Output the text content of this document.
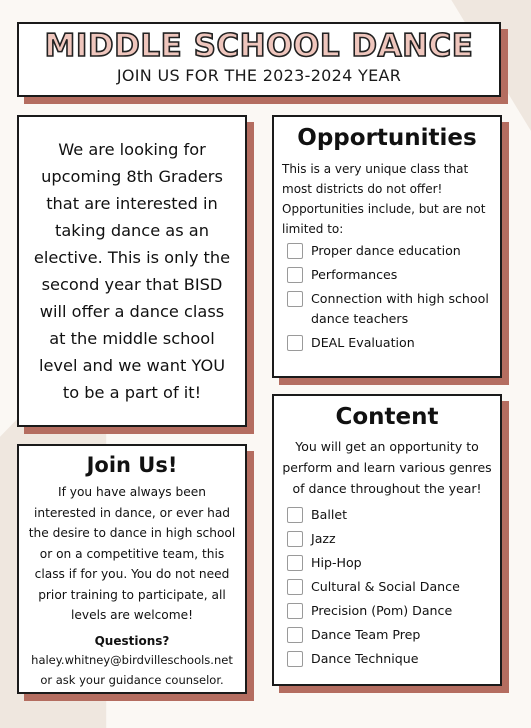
MIDDLE SCHOOL DANCE
JOIN US FOR THE 2023-2024 YEAR

We are looking for upcoming 8th Graders that are interested in taking dance as an elective. This is only the second year that BISD will offer a dance class at the middle school level and we want YOU to be a part of it!

Opportunities
This is a very unique class that most districts do not offer! Opportunities include, but are not limited to:
Proper dance education
Performances
Connection with high school dance teachers
DEAL Evaluation
Content
You will get an opportunity to perform and learn various genres of dance throughout the year!
Ballet
Jazz
Hip-Hop
Cultural & Social Dance
Precision (Pom) Dance
Dance Team Prep
Dance Technique
Join Us!
If you have always been interested in dance, or ever had the desire to dance in high school or on a competitive team, this class if for you. You do not need prior training to participate, all levels are welcome!
Questions?
haley.whitney@birdvilleschools.net
or ask your guidance counselor.
